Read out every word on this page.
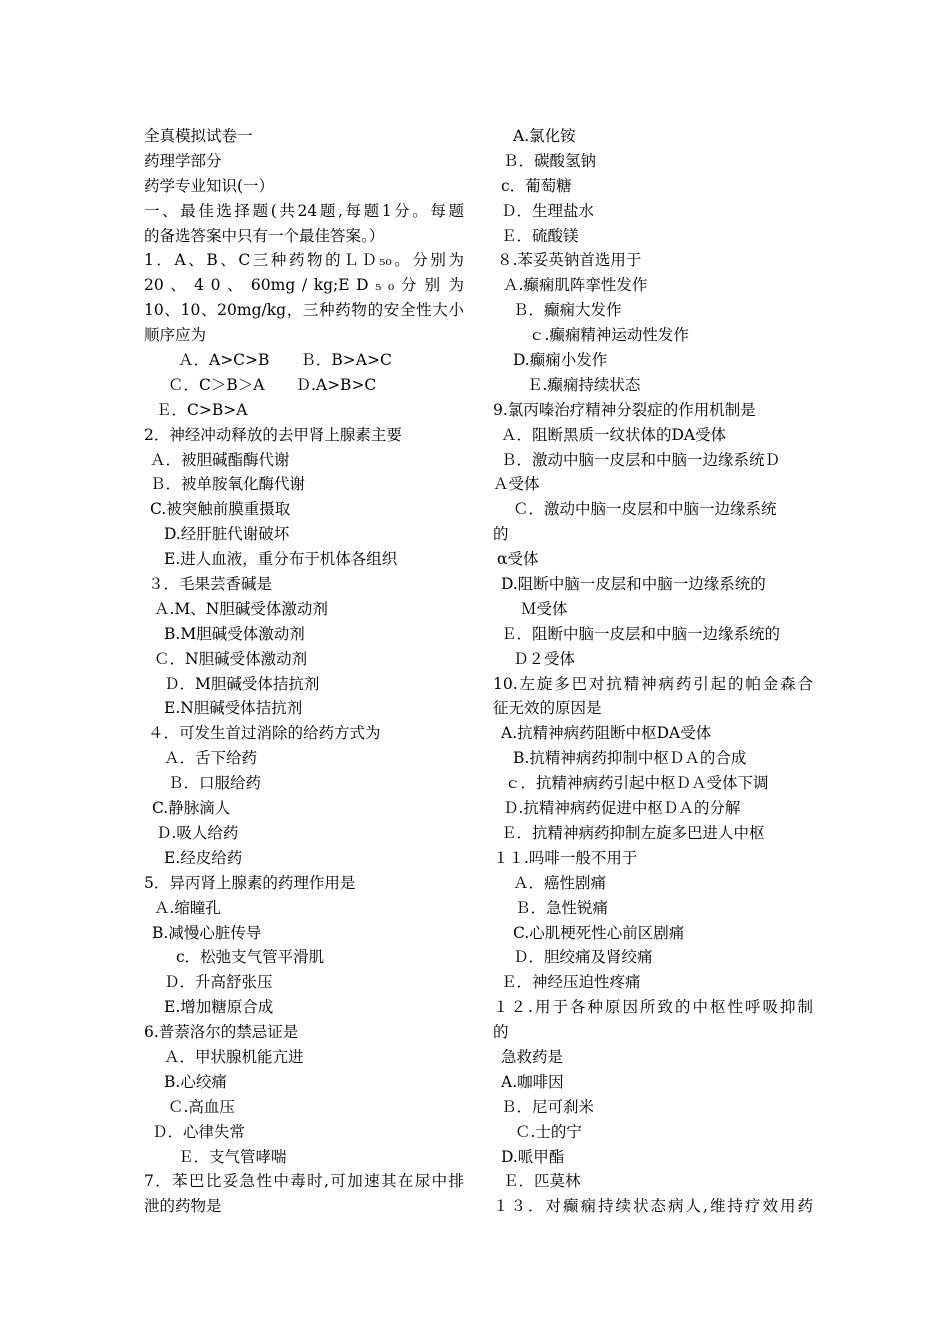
全真模拟试卷一
药理学部分
药学专业知识(一）
一、最佳选择题(共24题,每题1分。每题
的备选答案中只有一个最佳答案。）
1．A、B、C三种药物的ＬＤ₅₀。分别为
20 、 4 0 、 60mg / kg;E D ₅ ₀ 分 别 为
10、10、20mg/kg，三种药物的安全性大小
顺序应为
Ａ．A>C>B　　Ｂ．B>A>C
Ｃ．C＞B＞A　　Ｄ.A>B>C
Ｅ．C>B>A
2．神经冲动释放的去甲肾上腺素主要
Ａ．被胆碱酯酶代谢
Ｂ．被单胺氧化酶代谢
C.被突触前膜重摄取
D.经肝脏代谢破坏
E.进人血液，重分布于机体各组织
３．毛果芸香碱是
Ａ.M、N胆碱受体激动剂
B.M胆碱受体激动剂
Ｃ．N胆碱受体激动剂
Ｄ．M胆碱受体拮抗剂
E.N胆碱受体拮抗剂
４．可发生首过消除的给药方式为
Ａ．舌下给药
Ｂ．口服给药
C.静脉滴人
Ｄ.吸人给药
E.经皮给药
5．异丙肾上腺素的药理作用是
Ａ.缩瞳孔
B.减慢心脏传导
c．松弛支气管平滑肌
Ｄ．升高舒张压
E.增加糖原合成
6.普萘洛尔的禁忌证是
Ａ．甲状腺机能亢进
B.心绞痛
Ｃ.高血压
Ｄ．心律失常
Ｅ．支气管哮喘
7．苯巴比妥急性中毒时,可加速其在尿中排
泄的药物是
A.氯化铵
Ｂ．碳酸氢钠
c．葡萄糖
Ｄ．生理盐水
Ｅ．硫酸镁
８.苯妥英钠首选用于
Ａ.癫痫肌阵挛性发作
Ｂ．癫痫大发作
ｃ.癫痫精神运动性发作
D.癫痫小发作
Ｅ.癫痫持续状态
9.氯丙嗪治疗精神分裂症的作用机制是
Ａ．阻断黑质一纹状体的DA受体
Ｂ．激动中脑一皮层和中脑一边缘系统Ｄ
Ａ受体
Ｃ．激动中脑一皮层和中脑一边缘系统
的
α受体
D.阻断中脑一皮层和中脑一边缘系统的
Ｍ受体
Ｅ．阻断中脑一皮层和中脑一边缘系统的
Ｄ２受体
10.左旋多巴对抗精神病药引起的帕金森合
征无效的原因是
A.抗精神病药阻断中枢DA受体
B.抗精神病药抑制中枢ＤＡ的合成
ｃ．抗精神病药引起中枢ＤＡ受体下调
Ｄ.抗精神病药促进中枢ＤＡ的分解
Ｅ．抗精神病药抑制左旋多巴进人中枢
１１.吗啡一般不用于
Ａ．癌性剧痛
Ｂ．急性锐痛
C.心肌梗死性心前区剧痛
Ｄ．胆绞痛及肾绞痛
Ｅ．神经压迫性疼痛
１２.用于各种原因所致的中枢性呼吸抑制
的
急救药是
A.咖啡因
Ｂ．尼可刹米
Ｃ.士的宁
D.哌甲酯
Ｅ．匹莫林
１３．对癫痫持续状态病人,维持疗效用药
